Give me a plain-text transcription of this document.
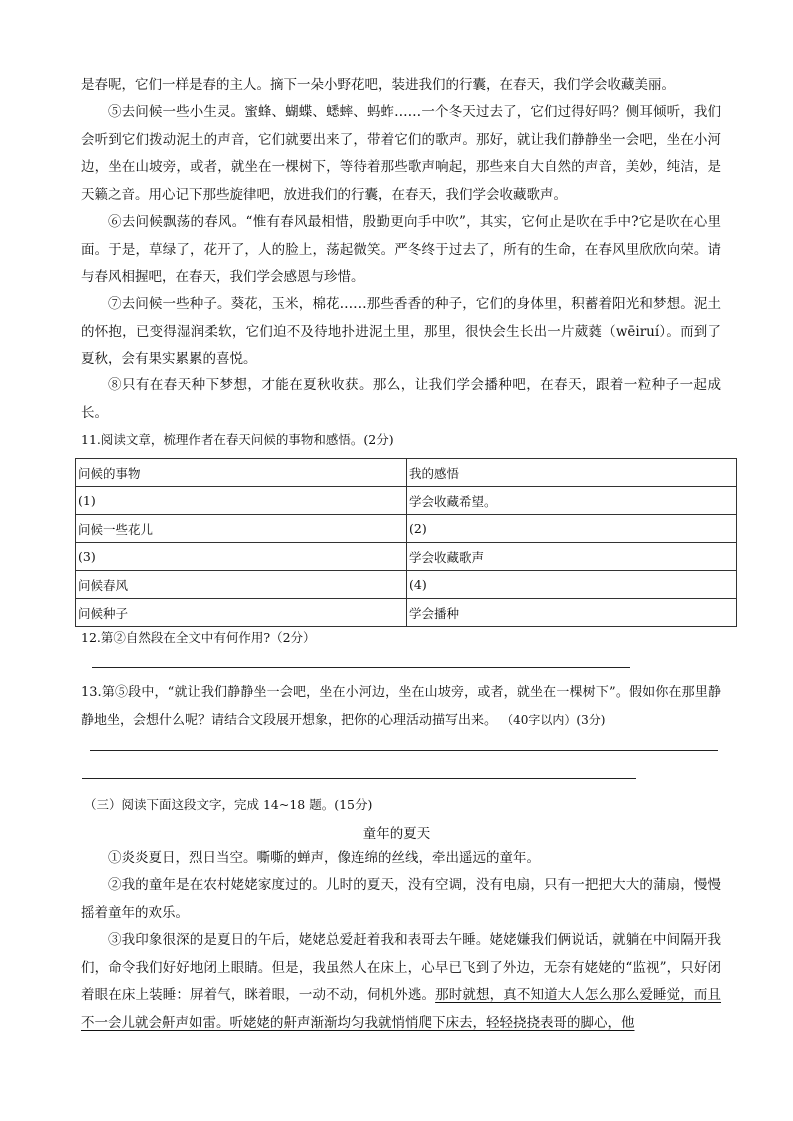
是春呢，它们一样是春的主人。摘下一朵小野花吧，装进我们的行囊，在春天，我们学会收藏美丽。

⑤去问候一些小生灵。蜜蜂、蝴蝶、蟋蟀、蚂蚱……一个冬天过去了，它们过得好吗？侧耳倾听，我们会听到它们拨动泥土的声音，它们就要出来了，带着它们的歌声。那好，就让我们静静坐一会吧，坐在小河边，坐在山坡旁，或者，就坐在一棵树下，等待着那些歌声响起，那些来自大自然的声音，美妙，纯洁，是天籁之音。用心记下那些旋律吧，放进我们的行囊，在春天，我们学会收藏歌声。

⑥去问候飘荡的春风。“惟有春风最相惜，殷勤更向手中吹”，其实，它何止是吹在手中?它是吹在心里面。于是，草绿了，花开了，人的脸上，荡起微笑。严冬终于过去了，所有的生命，在春风里欣欣向荣。请与春风相握吧，在春天，我们学会感恩与珍惜。

⑦去问候一些种子。葵花，玉米，棉花……那些香香的种子，它们的身体里，积蓄着阳光和梦想。泥土的怀抱，已变得湿润柔软，它们迫不及待地扑进泥土里，那里，很快会生长出一片葳蕤（wēiruí）。而到了夏秋，会有果实累累的喜悦。

⑧只有在春天种下梦想，才能在夏秋收获。那么，让我们学会播种吧，在春天，跟着一粒种子一起成长。

11.阅读文章，梳理作者在春天问候的事物和感悟。(2分)

问候的事物	我的感悟
(1)	学会收藏希望。
问候一些花儿	(2)
(3)	学会收藏歌声
问候春风	(4)
问候种子	学会播种

12.第②自然段在全文中有何作用?（2分）

13.第⑤段中，“就让我们静静坐一会吧，坐在小河边，坐在山坡旁，或者，就坐在一棵树下”。假如你在那里静静地坐，会想什么呢？请结合文段展开想象，把你的心理活动描写出来。 （40字以内）(3分)

（三）阅读下面这段文字，完成 14~18 题。(15分)

童年的夏天

①炎炎夏日，烈日当空。嘶嘶的蝉声，像连绵的丝线，牵出遥远的童年。

②我的童年是在农村姥姥家度过的。儿时的夏天，没有空调，没有电扇，只有一把把大大的蒲扇，慢慢摇着童年的欢乐。

③我印象很深的是夏日的午后，姥姥总爱赶着我和表哥去午睡。姥姥嫌我们俩说话，就躺在中间隔开我们，命令我们好好地闭上眼睛。但是，我虽然人在床上，心早已飞到了外边，无奈有姥姥的“监视”，只好闭着眼在床上装睡：屏着气，眯着眼，一动不动，伺机外逃。那时就想，真不知道大人怎么那么爱睡觉，而且不一会儿就会鼾声如雷。听姥姥的鼾声渐渐均匀我就悄悄爬下床去，轻轻挠挠表哥的脚心，他
